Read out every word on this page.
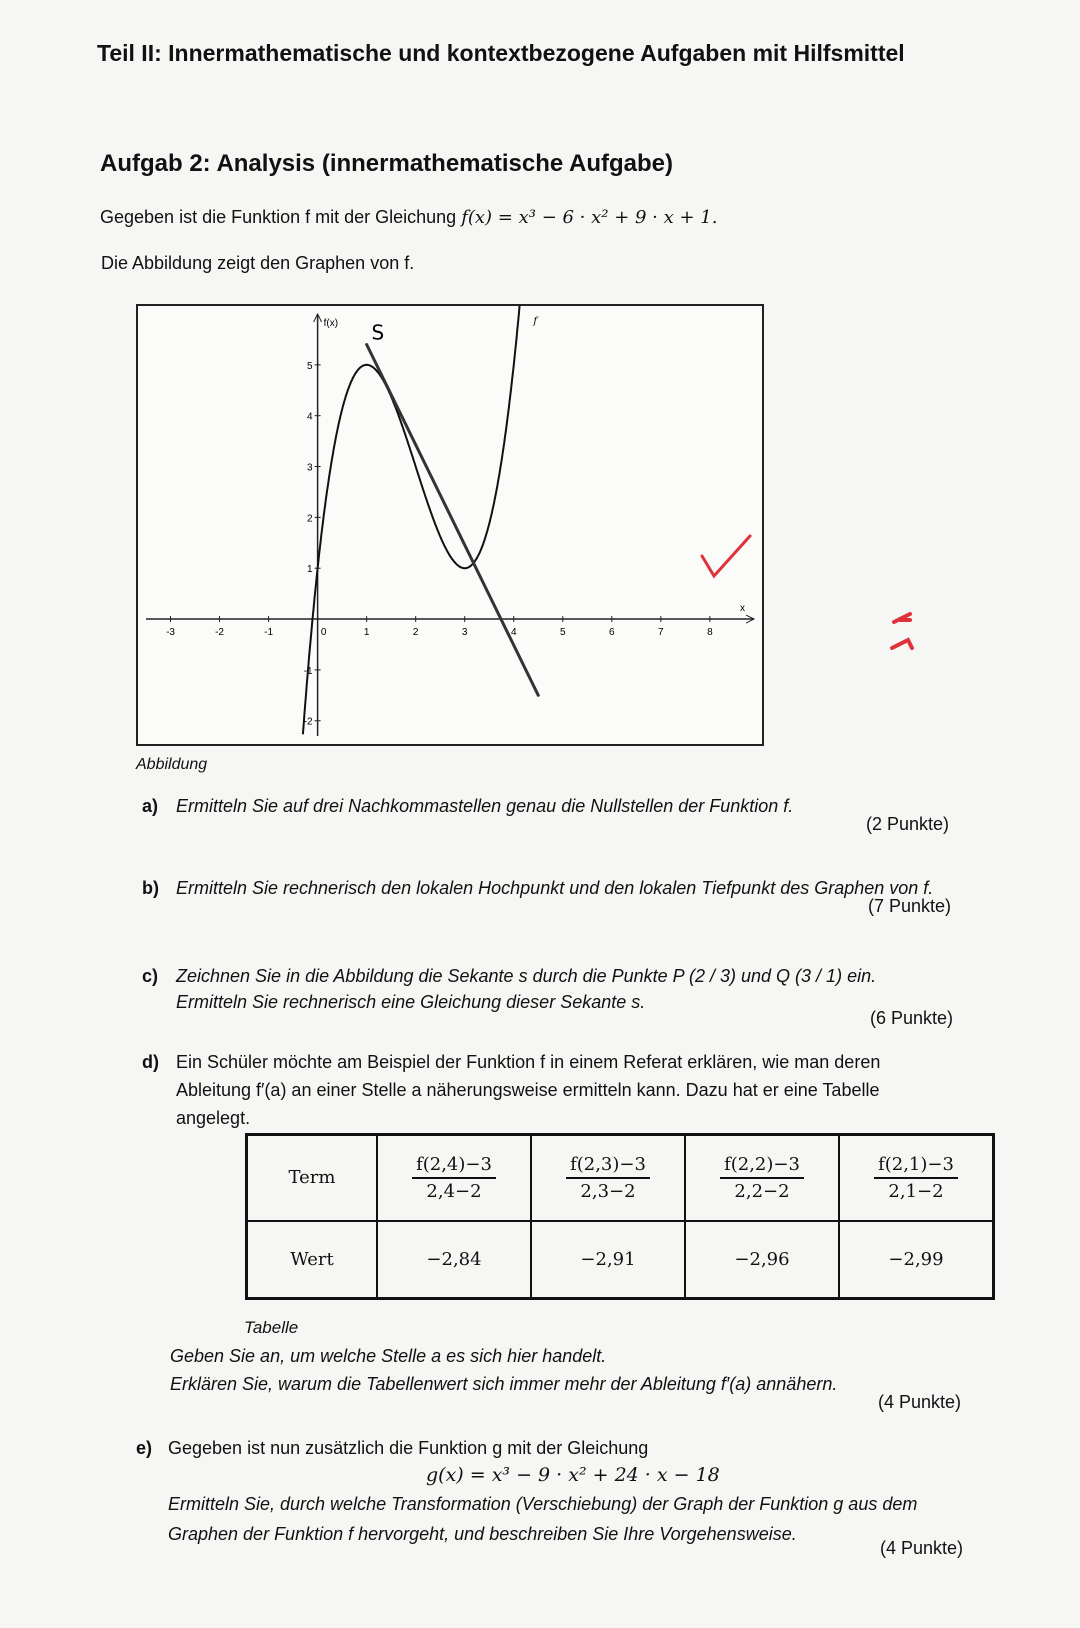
Teil II: Innermathematische und kontextbezogene Aufgaben mit Hilfsmittel
Aufgab 2: Analysis (innermathematische Aufgabe)
Gegeben ist die Funktion f mit der Gleichung f(x) = x³ − 6 · x² + 9 · x + 1.
Die Abbildung zeigt den Graphen von f.
-3	-2	-1	0	1	2	3	4	5	6	7	8
-2
-1
1
2
3
4
5
x
f(x)	f
S
Abbildung
a) Ermitteln Sie auf drei Nachkommastellen genau die Nullstellen der Funktion f.
(2 Punkte)
b) Ermitteln Sie rechnerisch den lokalen Hochpunkt und den lokalen Tiefpunkt des Graphen von f.
(7 Punkte)
c) Zeichnen Sie in die Abbildung die Sekante s durch die Punkte P (2 / 3) und Q (3 / 1) ein.
Ermitteln Sie rechnerisch eine Gleichung dieser Sekante s.
(6 Punkte)
d) Ein Schüler möchte am Beispiel der Funktion f in einem Referat erklären, wie man deren
Ableitung f′(a) an einer Stelle a näherungsweise ermitteln kann. Dazu hat er eine Tabelle
angelegt.
Term	$\frac{f(2,4)-3}{2,4-2}$	$\frac{f(2,3)-3}{2,3-2}$	$\frac{f(2,2)-3}{2,2-2}$	$\frac{f(2,1)-3}{2,1-2}$

Wert	−2,84	−2,91	−2,96	−2,99
Tabelle
Geben Sie an, um welche Stelle a es sich hier handelt.
Erklären Sie, warum die Tabellenwert sich immer mehr der Ableitung f′(a) annähern.
(4 Punkte)
e) Gegeben ist nun zusätzlich die Funktion g mit der Gleichung
g(x) = x³ − 9 · x² + 24 · x − 18
Ermitteln Sie, durch welche Transformation (Verschiebung) der Graph der Funktion g aus dem
Graphen der Funktion f hervorgeht, und beschreiben Sie Ihre Vorgehensweise.
(4 Punkte)
